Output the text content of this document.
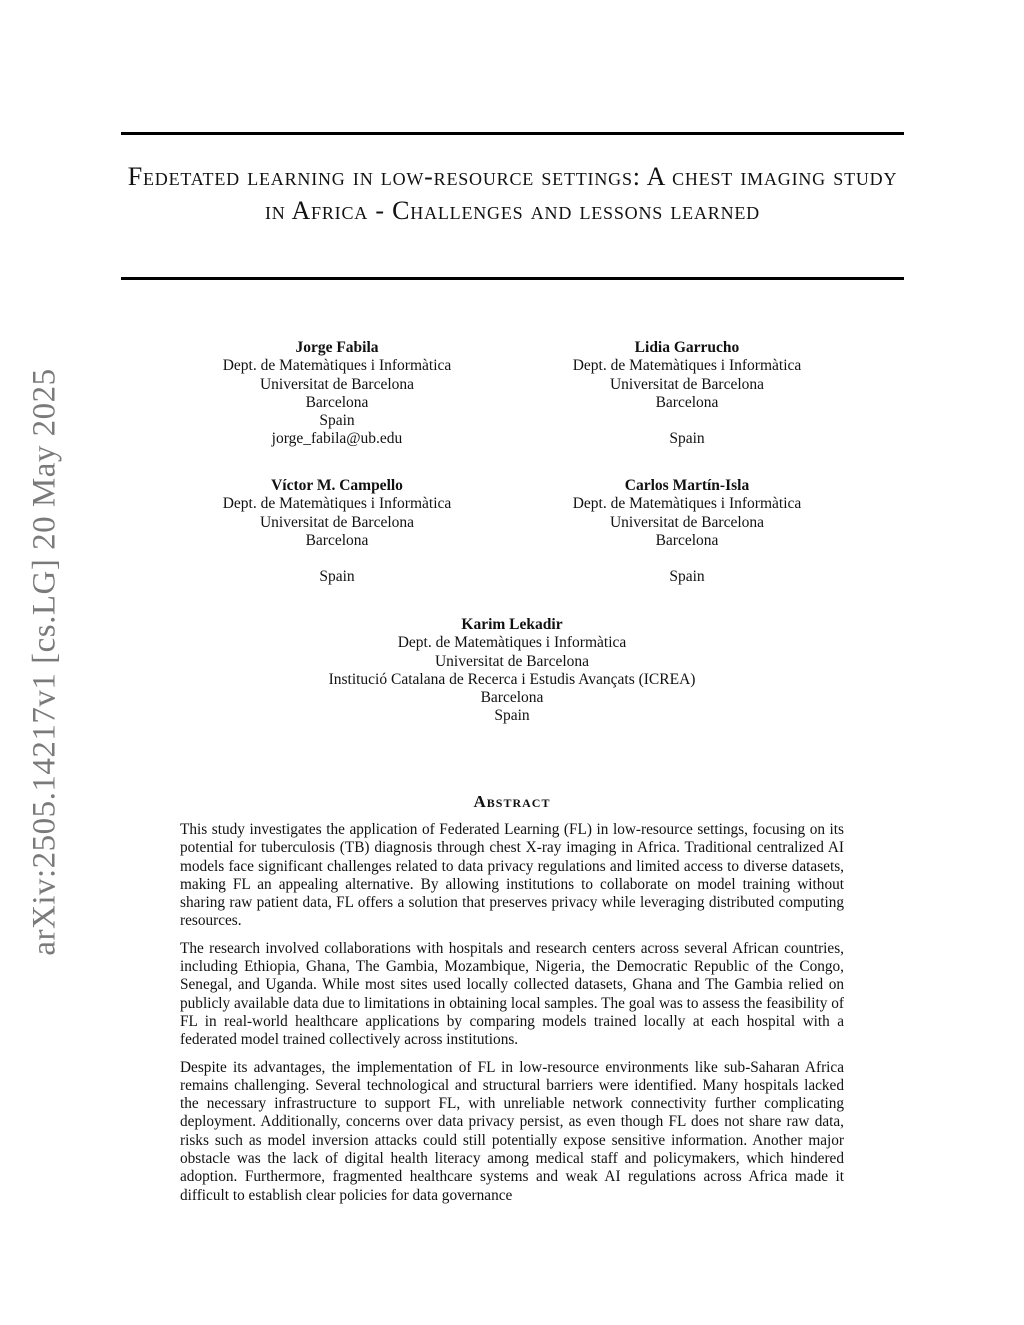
arXiv:2505.14217v1 [cs.LG] 20 May 2025
Fedetated learning in low-resource settings: A chest imaging study in Africa - Challenges and lessons learned
Jorge Fabila
Dept. de Matemàtiques i Informàtica
Universitat de Barcelona
Barcelona
Spain
jorge_fabila@ub.edu
Lidia Garrucho
Dept. de Matemàtiques i Informàtica
Universitat de Barcelona
Barcelona
Spain
Víctor M. Campello
Dept. de Matemàtiques i Informàtica
Universitat de Barcelona
Barcelona
Spain
Carlos Martín-Isla
Dept. de Matemàtiques i Informàtica
Universitat de Barcelona
Barcelona
Spain
Karim Lekadir
Dept. de Matemàtiques i Informàtica
Universitat de Barcelona
Institució Catalana de Recerca i Estudis Avançats (ICREA)
Barcelona
Spain
Abstract

This study investigates the application of Federated Learning (FL) in low-resource settings, focusing on its potential for tuberculosis (TB) diagnosis through chest X-ray imaging in Africa. Traditional centralized AI models face significant challenges related to data privacy regulations and limited access to diverse datasets, making FL an appealing alternative. By allowing institutions to collaborate on model training without sharing raw patient data, FL offers a solution that preserves privacy while leveraging distributed computing resources.

The research involved collaborations with hospitals and research centers across several African countries, including Ethiopia, Ghana, The Gambia, Mozambique, Nigeria, the Democratic Republic of the Congo, Senegal, and Uganda. While most sites used locally collected datasets, Ghana and The Gambia relied on publicly available data due to limitations in obtaining local samples. The goal was to assess the feasibility of FL in real-world healthcare applications by comparing models trained locally at each hospital with a federated model trained collectively across institutions.

Despite its advantages, the implementation of FL in low-resource environments like sub-Saharan Africa remains challenging. Several technological and structural barriers were identified. Many hospitals lacked the necessary infrastructure to support FL, with unreliable network connectivity further complicating deployment. Additionally, concerns over data privacy persist, as even though FL does not share raw data, risks such as model inversion attacks could still potentially expose sensitive information. Another major obstacle was the lack of digital health literacy among medical staff and policymakers, which hindered adoption. Furthermore, fragmented healthcare systems and weak AI regulations across Africa made it difficult to establish clear policies for data governance
